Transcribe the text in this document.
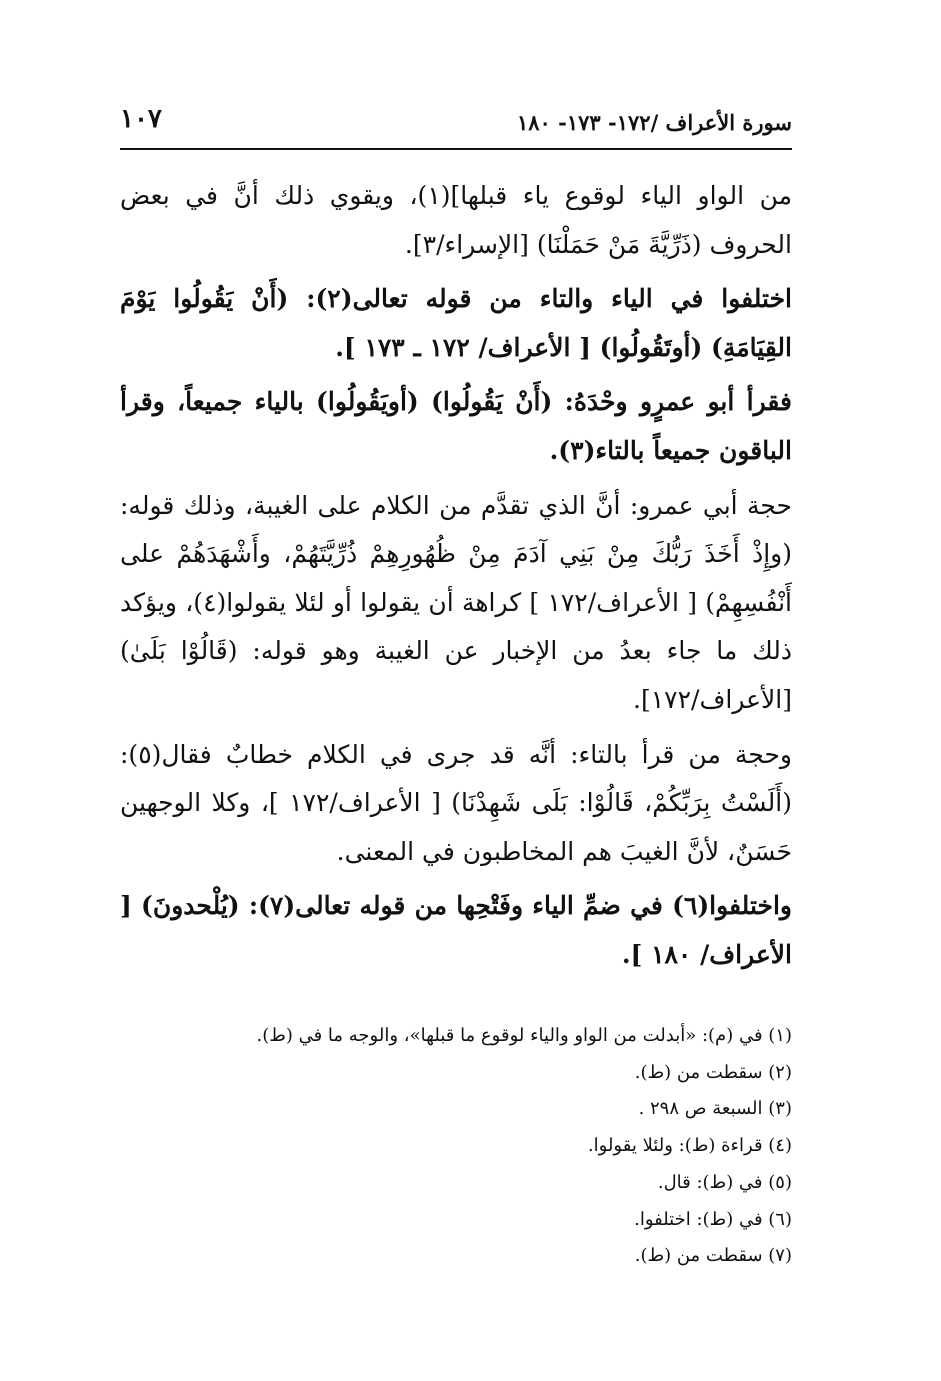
١٠٧	سورة الأعراف /١٧٢- ١٧٣- ١٨٠

من الواو الياء لوقوع ياء قبلها](١)، ويقوي ذلك أنَّ في بعض الحروف (ذَرِّيَّةَ مَنْ حَمَلْنَا) [الإسراء/٣].

اختلفوا في الياء والتاء من قوله تعالى(٢): (أَنْ يَقُولُوا يَوْمَ القِيَامَةِ) (أوتَقُولُوا) [ الأعراف/ ١٧٢ ـ ١٧٣ ].

فقرأ أبو عمرٍو وحْدَهُ: (أَنْ يَقُولُوا) (أويَقُولُوا) بالياء جميعاً، وقرأ الباقون جميعاً بالتاء(٣).

حجة أبي عمرو: أنَّ الذي تقدَّم من الكلام على الغيبة، وذلك قوله: (وإِذْ أَخَذَ رَبُّكَ مِنْ بَنِي آدَمَ مِنْ ظُهُورِهِمْ ذُرِّيَّتَهُمْ، وأَشْهَدَهُمْ على أَنْفُسِهِمْ) [ الأعراف/١٧٢ ] كراهة أن يقولوا أو لئلا يقولوا(٤)، ويؤكد ذلك ما جاء بعدُ من الإخبار عن الغيبة وهو قوله: (قَالُوْا بَلَىٰ) [الأعراف/١٧٢].

وحجة من قرأ بالتاء: أنَّه قد جرى في الكلام خطابٌ فقال(٥): (أَلَسْتُ بِرَبِّكُمْ، قَالُوْا: بَلَى شَهِدْنَا) [ الأعراف/١٧٢ ]، وكلا الوجهين حَسَنٌ، لأنَّ الغيبَ هم المخاطبون في المعنى.

واختلفوا(٦) في ضمِّ الياء وفَتْحِها من قوله تعالى(٧): (يُلْحدونَ) [ الأعراف/ ١٨٠ ].

(١) في (م): «أبدلت من الواو والياء لوقوع ما قبلها»، والوجه ما في (ط).

(٢) سقطت من (ط).

(٣) السبعة ص ٢٩٨ .

(٤) قراءة (ط): ولئلا يقولوا.

(٥) في (ط): قال.

(٦) في (ط): اختلفوا.

(٧) سقطت من (ط).
